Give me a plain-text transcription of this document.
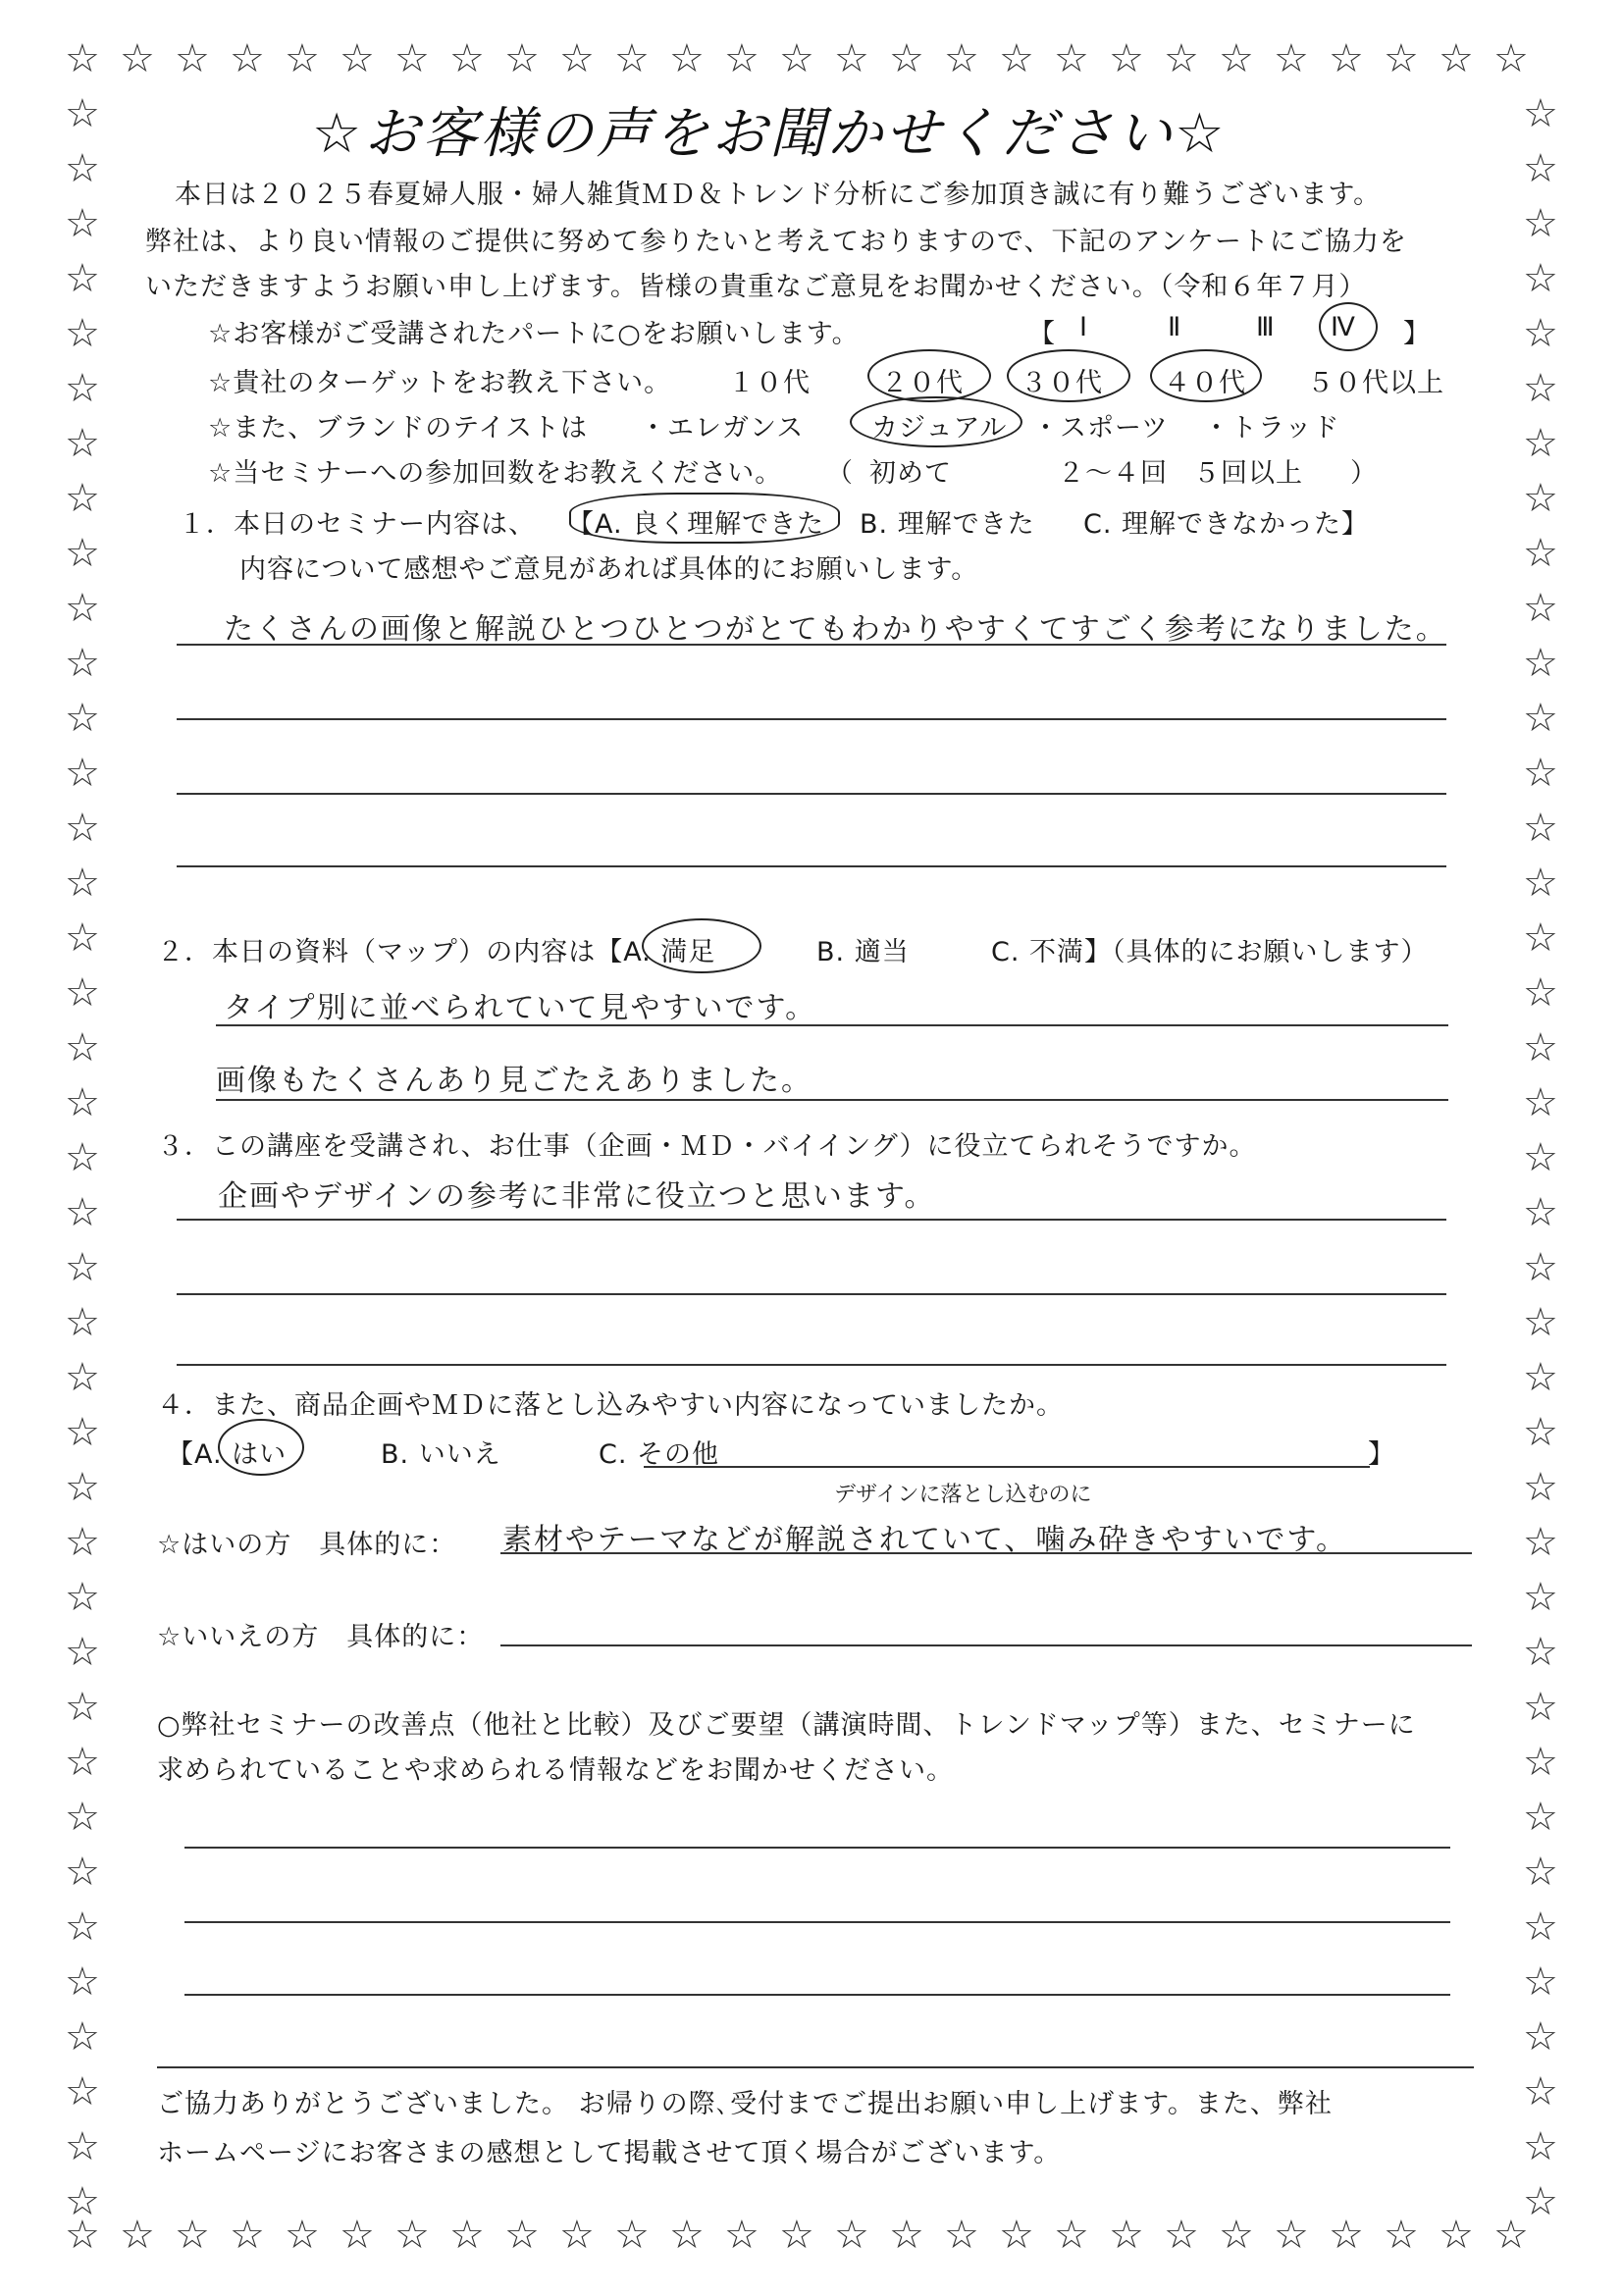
☆
☆
☆
☆
☆
☆
☆
☆
☆
☆
☆
☆
☆
☆
☆
☆
☆
☆
☆
☆
☆
☆
☆
☆
☆
☆
☆
☆
☆
☆
☆
☆
☆
☆
☆
☆
☆
☆
☆
☆
☆
☆
☆
☆
☆
☆
☆
☆
☆
☆
☆
☆
☆
☆
☆	☆
☆	☆
☆	☆
☆	☆
☆	☆
☆	☆
☆	☆
☆	☆
☆	☆
☆	☆
☆	☆
☆	☆
☆	☆
☆	☆
☆	☆
☆	☆
☆	☆
☆	☆
☆	☆
☆	☆
☆	☆
☆	☆
☆	☆
☆	☆
☆	☆
☆	☆
☆	☆
☆	☆
☆	☆
☆	☆
☆	☆
☆	☆
☆	☆
☆	☆
☆	☆
☆	☆
☆	☆
☆	☆
☆	☆
☆お客様の声をお聞かせください☆
本日は２０２５春夏婦人服・婦人雑貨ＭＤ＆トレンド分析にご参加頂き誠に有り難うございます。
弊社は、より良い情報のご提供に努めて参りたいと考えておりますので、下記のアンケートにご協力を
いただきますようお願い申し上げます。皆様の貴重なご意見をお聞かせください。（令和６年７月）
☆お客様がご受講されたパートに○をお願いします。	【 Ⅰ	Ⅱ	Ⅲ Ⅳ 】
☆貴社のターゲットをお教え下さい。 １０代	２０代 ３０代 ４０代 ５０代以上
☆また、ブランドのテイストは ・エレガンス	カジュアル ・スポーツ ・トラッド
☆当セミナーへの参加回数をお教えください。 （ 初めて	２～４回 ５回以上 ）
１．本日のセミナー内容は、 【A. 良く理解できた B. 理解できた C. 理解できなかった】
内容について感想やご意見があれば具体的にお願いします。
たくさんの画像と解説ひとつひとつがとてもわかりやすくてすごく参考になりました。
２．本日の資料（マップ）の内容は【A. 満足	B. 適当	C. 不満】（具体的にお願いします）
タイプ別に並べられていて見やすいです。
画像もたくさんあり見ごたえありました。
３．この講座を受講され、お仕事（企画・ＭＤ・バイイング）に役立てられそうですか。
企画やデザインの参考に非常に役立つと思います。
４．また、商品企画やＭＤに落とし込みやすい内容になっていましたか。
【A. はい	B. いいえ	C. その他	】
☆はいの方　具体的に：
デザインに落とし込むのに
素材やテーマなどが解説されていて、噛み砕きやすいです。
☆いいえの方　具体的に：
○弊社セミナーの改善点（他社と比較）及びご要望（講演時間、トレンドマップ等）また、セミナーに
求められていることや求められる情報などをお聞かせください。
ご協力ありがとうございました。 お帰りの際､受付までご提出お願い申し上げます。また、弊社
ホームページにお客さまの感想として掲載させて頂く場合がございます。
